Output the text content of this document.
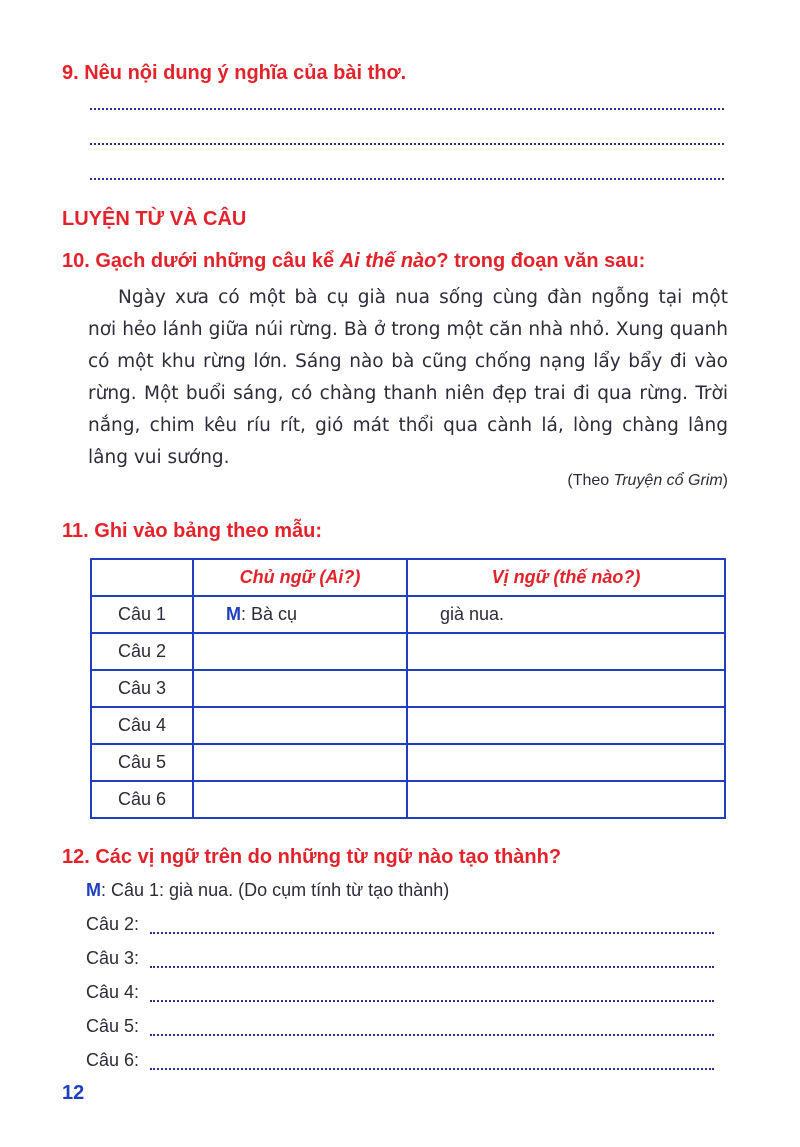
9. Nêu nội dung ý nghĩa của bài thơ.
LUYỆN TỪ VÀ CÂU
10. Gạch dưới những câu kể Ai thế nào? trong đoạn văn sau:
Ngày xưa có một bà cụ già nua sống cùng đàn ngỗng tại một
nơi hẻo lánh giữa núi rừng. Bà ở trong một căn nhà nhỏ. Xung quanh
có một khu rừng lớn. Sáng nào bà cũng chống nạng lẩy bẩy đi vào
rừng. Một buổi sáng, có chàng thanh niên đẹp trai đi qua rừng. Trời
nắng, chim kêu ríu rít, gió mát thổi qua cành lá, lòng chàng lâng
lâng vui sướng.
(Theo Truyện cổ Grim)
11. Ghi vào bảng theo mẫu:
	Chủ ngữ (Ai?)	Vị ngữ (thế nào?)
Câu 1	M: Bà cụ	già nua.
Câu 2		
Câu 3		
Câu 4		
Câu 5		
Câu 6		
12. Các vị ngữ trên do những từ ngữ nào tạo thành?
M: Câu 1: già nua. (Do cụm tính từ tạo thành)
Câu 2:
Câu 3:
Câu 4:
Câu 5:
Câu 6:
12
